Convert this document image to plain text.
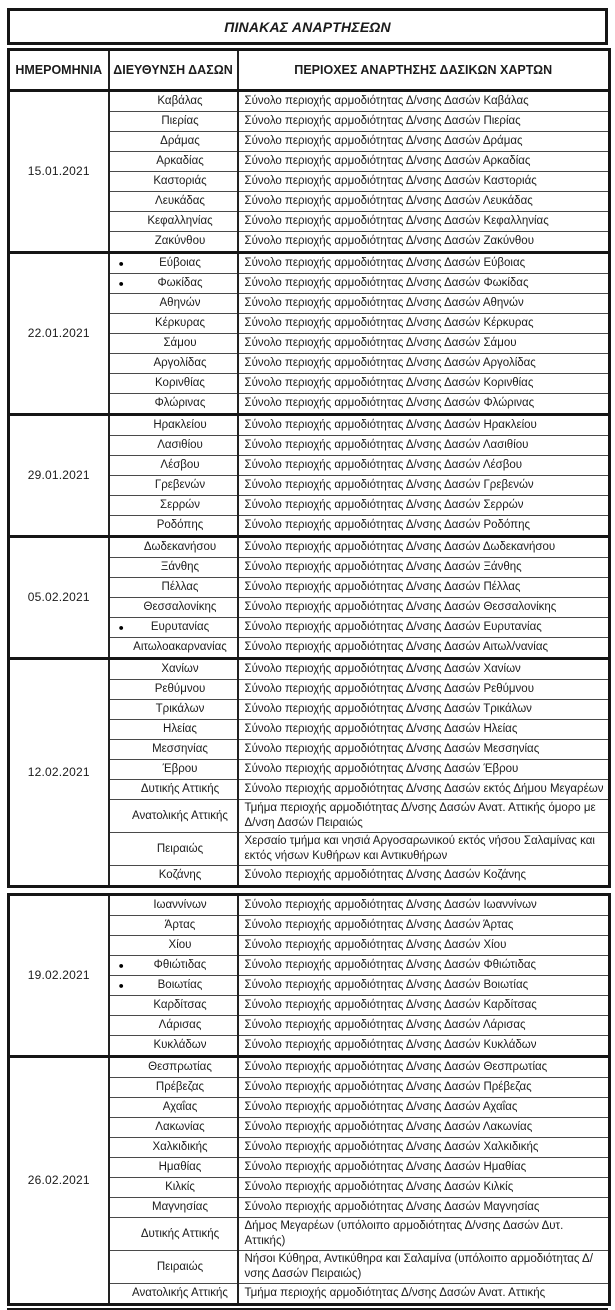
ΠΙΝΑΚΑΣ ΑΝΑΡΤΗΣΕΩΝ
ΗΜΕΡΟΜΗΝΙΑ	ΔΙΕΥΘΥΝΣΗ ΔΑΣΩΝ	ΠΕΡΙΟΧΕΣ ΑΝΑΡΤΗΣΗΣ ΔΑΣΙΚΩΝ ΧΑΡΤΩΝ
15.01.2021	Καβάλας	Σύνολο περιοχής αρμοδιότητας Δ/νσης Δασών Καβάλας
	Πιερίας	Σύνολο περιοχής αρμοδιότητας Δ/νσης Δασών Πιερίας
	Δράμας	Σύνολο περιοχής αρμοδιότητας Δ/νσης Δασών Δράμας
	Αρκαδίας	Σύνολο περιοχής αρμοδιότητας Δ/νσης Δασών Αρκαδίας
	Καστοριάς	Σύνολο περιοχής αρμοδιότητας Δ/νσης Δασών Καστοριάς
	Λευκάδας	Σύνολο περιοχής αρμοδιότητας Δ/νσης Δασών Λευκάδας
	Κεφαλληνίας	Σύνολο περιοχής αρμοδιότητας Δ/νσης Δασών Κεφαλληνίας
	Ζακύνθου	Σύνολο περιοχής αρμοδιότητας Δ/νσης Δασών Ζακύνθου
22.01.2021	● Εύβοιας	Σύνολο περιοχής αρμοδιότητας Δ/νσης Δασών Εύβοιας

	● Φωκίδας	Σύνολο περιοχής αρμοδιότητας Δ/νσης Δασών Φωκίδας
	Αθηνών	Σύνολο περιοχής αρμοδιότητας Δ/νσης Δασών Αθηνών
	Κέρκυρας	Σύνολο περιοχής αρμοδιότητας Δ/νσης Δασών Κέρκυρας
	Σάμου	Σύνολο περιοχής αρμοδιότητας Δ/νσης Δασών Σάμου
	Αργολίδας	Σύνολο περιοχής αρμοδιότητας Δ/νσης Δασών Αργολίδας
	Κορινθίας	Σύνολο περιοχής αρμοδιότητας Δ/νσης Δασών Κορινθίας
	Φλώρινας	Σύνολο περιοχής αρμοδιότητας Δ/νσης Δασών Φλώρινας
29.01.2021	Ηρακλείου	Σύνολο περιοχής αρμοδιότητας Δ/νσης Δασών Ηρακλείου
	Λασιθίου	Σύνολο περιοχής αρμοδιότητας Δ/νσης Δασών Λασιθίου
	Λέσβου	Σύνολο περιοχής αρμοδιότητας Δ/νσης Δασών Λέσβου
	Γρεβενών	Σύνολο περιοχής αρμοδιότητας Δ/νσης Δασών Γρεβενών
	Σερρών	Σύνολο περιοχής αρμοδιότητας Δ/νσης Δασών Σερρών
	Ροδόπης	Σύνολο περιοχής αρμοδιότητας Δ/νσης Δασών Ροδόπης
05.02.2021	Δωδεκανήσου	Σύνολο περιοχής αρμοδιότητας Δ/νσης Δασών Δωδεκανήσου
	Ξάνθης	Σύνολο περιοχής αρμοδιότητας Δ/νσης Δασών Ξάνθης
	Πέλλας	Σύνολο περιοχής αρμοδιότητας Δ/νσης Δασών Πέλλας
	Θεσσαλονίκης	Σύνολο περιοχής αρμοδιότητας Δ/νσης Δασών Θεσσαλονίκης

	● Ευρυτανίας	Σύνολο περιοχής αρμοδιότητας Δ/νσης Δασών Ευρυτανίας
	Αιτωλοακαρνανίας	Σύνολο περιοχής αρμοδιότητας Δ/νσης Δασών Αιτωλ/νανίας
12.02.2021	Χανίων	Σύνολο περιοχής αρμοδιότητας Δ/νσης Δασών Χανίων
	Ρεθύμνου	Σύνολο περιοχής αρμοδιότητας Δ/νσης Δασών Ρεθύμνου
	Τρικάλων	Σύνολο περιοχής αρμοδιότητας Δ/νσης Δασών Τρικάλων
	Ηλείας	Σύνολο περιοχής αρμοδιότητας Δ/νσης Δασών Ηλείας
	Μεσσηνίας	Σύνολο περιοχής αρμοδιότητας Δ/νσης Δασών Μεσσηνίας
	Έβρου	Σύνολο περιοχής αρμοδιότητας Δ/νσης Δασών Έβρου
	Δυτικής Αττικής	Σύνολο περιοχής αρμοδιότητας Δ/νσης Δασών εκτός Δήμου Μεγαρέων
	Ανατολικής Αττικής	Τμήμα περιοχής αρμοδιότητας Δ/νσης Δασών Ανατ. Αττικής όμορο με Δ/νση Δασών Πειραιώς
	Πειραιώς	Χερσαίο τμήμα και νησιά Αργοσαρωνικού εκτός νήσου Σαλαμίνας και εκτός νήσων Κυθήρων και Αντικυθήρων
	Κοζάνης	Σύνολο περιοχής αρμοδιότητας Δ/νσης Δασών Κοζάνης
19.02.2021	Ιωαννίνων	Σύνολο περιοχής αρμοδιότητας Δ/νσης Δασών Ιωαννίνων
	Άρτας	Σύνολο περιοχής αρμοδιότητας Δ/νσης Δασών Άρτας
	Χίου	Σύνολο περιοχής αρμοδιότητας Δ/νσης Δασών Χίου

	● Φθιώτιδας	Σύνολο περιοχής αρμοδιότητας Δ/νσης Δασών Φθιώτιδας

	● Βοιωτίας	Σύνολο περιοχής αρμοδιότητας Δ/νσης Δασών Βοιωτίας
	Καρδίτσας	Σύνολο περιοχής αρμοδιότητας Δ/νσης Δασών Καρδίτσας
	Λάρισας	Σύνολο περιοχής αρμοδιότητας Δ/νσης Δασών Λάρισας
	Κυκλάδων	Σύνολο περιοχής αρμοδιότητας Δ/νσης Δασών Κυκλάδων
26.02.2021	Θεσπρωτίας	Σύνολο περιοχής αρμοδιότητας Δ/νσης Δασών Θεσπρωτίας
	Πρέβεζας	Σύνολο περιοχής αρμοδιότητας Δ/νσης Δασών Πρέβεζας
	Αχαΐας	Σύνολο περιοχής αρμοδιότητας Δ/νσης Δασών Αχαΐας
	Λακωνίας	Σύνολο περιοχής αρμοδιότητας Δ/νσης Δασών Λακωνίας
	Χαλκιδικής	Σύνολο περιοχής αρμοδιότητας Δ/νσης Δασών Χαλκιδικής
	Ημαθίας	Σύνολο περιοχής αρμοδιότητας Δ/νσης Δασών Ημαθίας
	Κιλκίς	Σύνολο περιοχής αρμοδιότητας Δ/νσης Δασών Κιλκίς
	Μαγνησίας	Σύνολο περιοχής αρμοδιότητας Δ/νσης Δασών Μαγνησίας
	Δυτικής Αττικής	Δήμος Μεγαρέων (υπόλοιπο αρμοδιότητας Δ/νσης Δασών Δυτ. Αττικής)
	Πειραιώς	Νήσοι Κύθηρα, Αντικύθηρα και Σαλαμίνα (υπόλοιπο αρμοδιότητας Δ/νσης Δασών Πειραιώς)
	Ανατολικής Αττικής	Τμήμα περιοχής αρμοδιότητας Δ/νσης Δασών Ανατ. Αττικής
